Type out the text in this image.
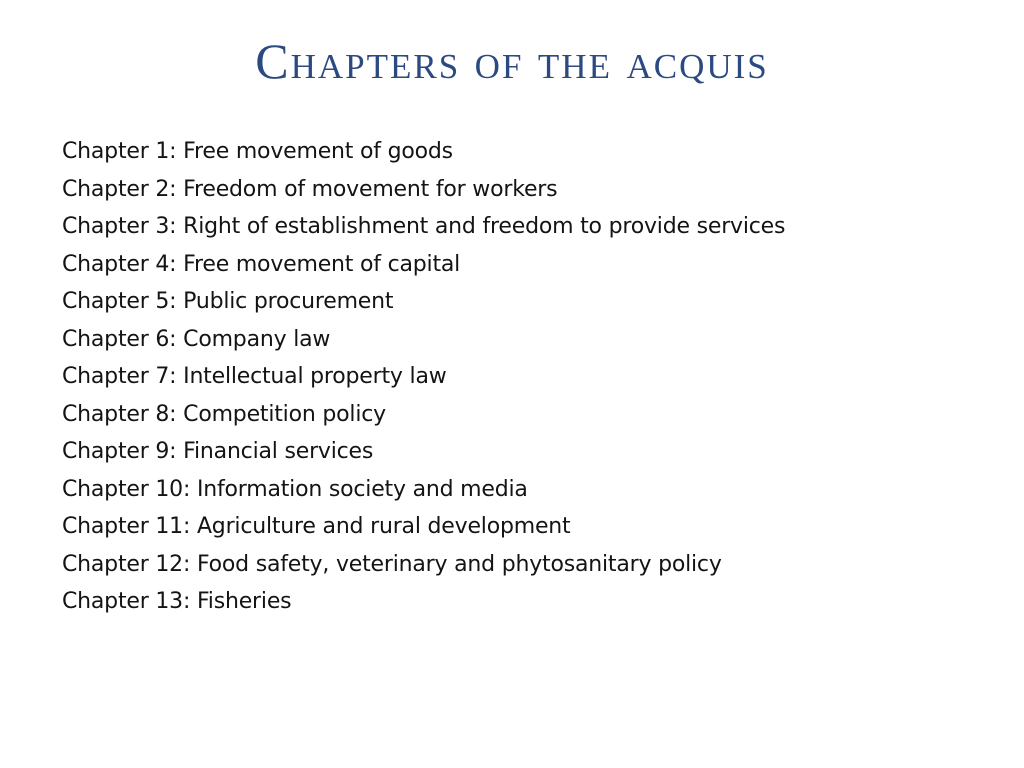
Chapters of the acquis
Chapter 1: Free movement of goods
Chapter 2: Freedom of movement for workers
Chapter 3: Right of establishment and freedom to provide services
Chapter 4: Free movement of capital
Chapter 5: Public procurement
Chapter 6: Company law
Chapter 7: Intellectual property law
Chapter 8: Competition policy
Chapter 9: Financial services
Chapter 10: Information society and media
Chapter 11: Agriculture and rural development
Chapter 12: Food safety, veterinary and phytosanitary policy
Chapter 13: Fisheries
